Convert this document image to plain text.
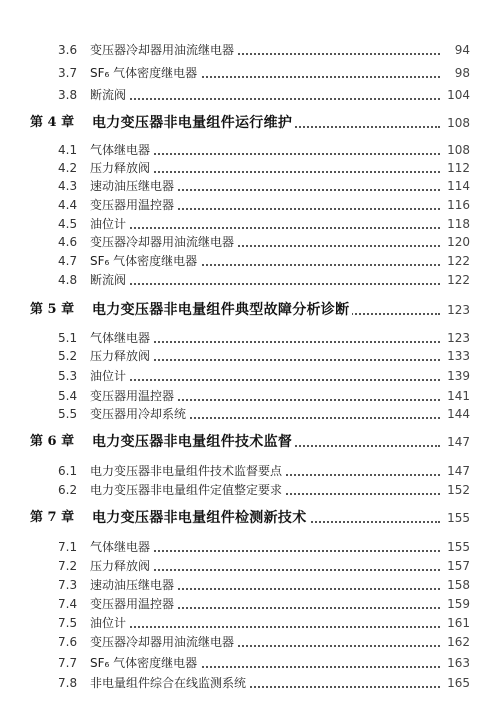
3.6 变压器冷却器用油流继电器	94
3.7 SF₆ 气体密度继电器	98
3.8 断流阀	104
第 4 章 电力变压器非电量组件运行维护	108
4.1 气体继电器	108
4.2 压力释放阀	112
4.3 速动油压继电器	114
4.4 变压器用温控器	116
4.5 油位计	118
4.6 变压器冷却器用油流继电器	120
4.7 SF₆ 气体密度继电器	122
4.8 断流阀	122
第 5 章 电力变压器非电量组件典型故障分析诊断	123
5.1 气体继电器	123
5.2 压力释放阀	133
5.3 油位计	139
5.4 变压器用温控器	141
5.5 变压器用冷却系统	144
第 6 章 电力变压器非电量组件技术监督	147
6.1 电力变压器非电量组件技术监督要点	147
6.2 电力变压器非电量组件定值整定要求	152
第 7 章 电力变压器非电量组件检测新技术	155
7.1 气体继电器	155
7.2 压力释放阀	157
7.3 速动油压继电器	158
7.4 变压器用温控器	159
7.5 油位计	161
7.6 变压器冷却器用油流继电器	162
7.7 SF₆ 气体密度继电器	163
7.8 非电量组件综合在线监测系统	165
